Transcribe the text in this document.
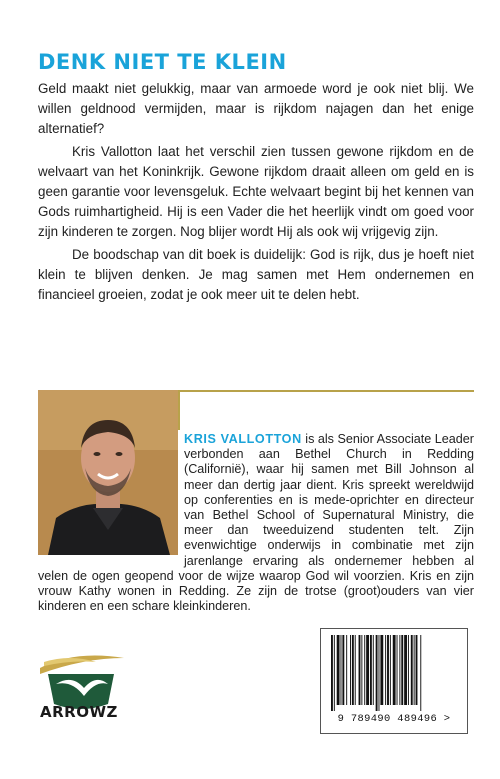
DENK NIET TE KLEIN

Geld maakt niet gelukkig, maar van armoede word je ook niet blij. We willen geldnood vermijden, maar is rijkdom najagen dan het enige alternatief?

Kris Vallotton laat het verschil zien tussen gewone rijkdom en de welvaart van het Koninkrijk. Gewone rijkdom draait alleen om geld en is geen garantie voor levensgeluk. Echte welvaart begint bij het kennen van Gods ruimhartigheid. Hij is een Vader die het heerlijk vindt om goed voor zijn kinderen te zorgen. Nog blijer wordt Hij als ook wij vrijgevig zijn.

De boodschap van dit boek is duidelijk: God is rijk, dus je hoeft niet klein te blijven denken. Je mag samen met Hem ondernemen en financieel groeien, zodat je ook meer uit te delen hebt.

KRIS VALLOTTON is als Senior Associate Leader verbonden aan Bethel Church in Redding (Californië), waar hij samen met Bill Johnson al meer dan dertig jaar dient. Kris spreekt wereldwijd op conferenties en is mede-oprichter en directeur van Bethel School of Supernatural Ministry, die meer dan tweeduizend studenten telt. Zijn evenwichtige onderwijs in combinatie met zijn jarenlange ervaring als ondernemer hebben al velen de ogen geopend voor de wijze waarop God wil voorzien. Kris en zijn vrouw Kathy wonen in Redding. Ze zijn de trotse (groot)ouders van vier kinderen en een schare kleinkinderen.

ARROWZ	9 789490 489496 >
